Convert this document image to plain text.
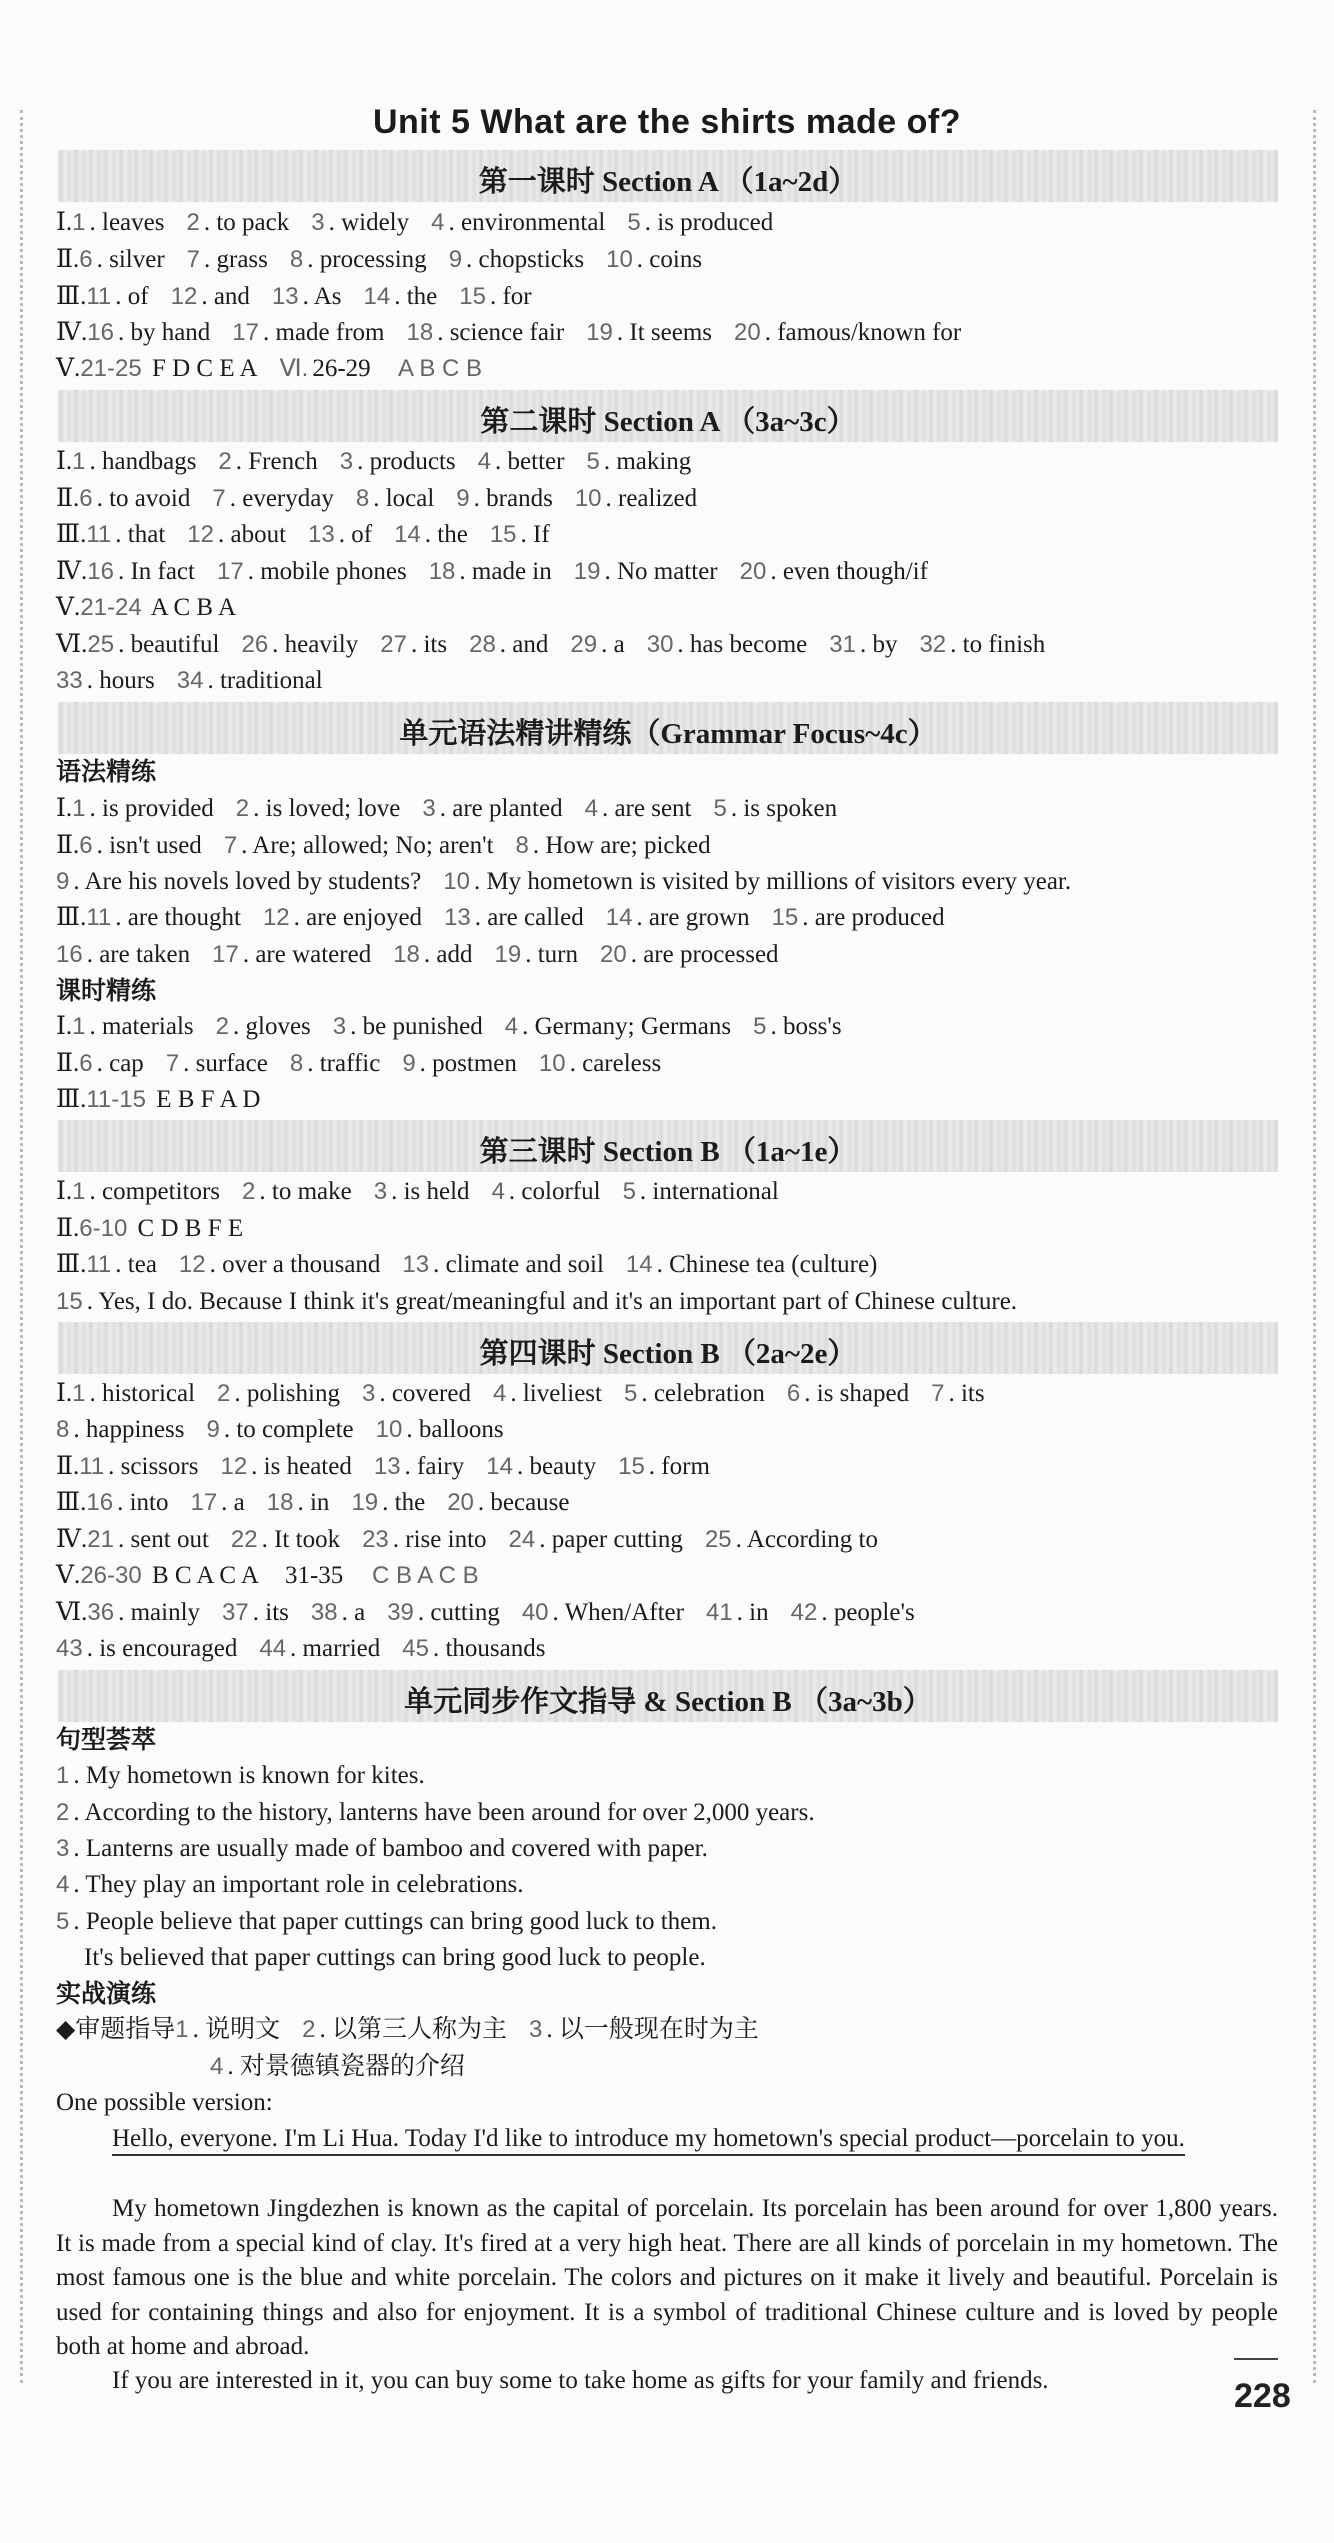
Unit 5 What are the shirts made of?
第一课时 Section A （1a~2d）
Ⅰ.1 . leaves 2 . to pack 3 . widely 4 . environmental 5 . is produced
Ⅱ.6 . silver 7 . grass 8 . processing 9 . chopsticks 10 . coins
Ⅲ.11 . of 12 . and 13 . As 14 . the 15 . for
Ⅳ.16 . by hand 17 . made from 18 . science fair 19 . It seems 20 . famous/known for
Ⅴ.21-25 F D C E A Ⅵ. 26-29 A B C B
第二课时 Section A （3a~3c）
Ⅰ.1 . handbags 2 . French 3 . products 4 . better 5 . making
Ⅱ.6 . to avoid 7 . everyday 8 . local 9 . brands 10 . realized
Ⅲ.11 . that 12 . about 13 . of 14 . the 15 . If
Ⅳ.16 . In fact 17 . mobile phones 18 . made in 19 . No matter 20 . even though/if
Ⅴ.21-24 A C B A
Ⅵ.25 . beautiful 26 . heavily 27 . its 28 . and 29 . a 30 . has become 31 . by 32 . to finish
33 . hours 34 . traditional
单元语法精讲精练（Grammar Focus~4c）
语法精练
Ⅰ.1 . is provided 2 . is loved; love 3 . are planted 4 . are sent 5 . is spoken
Ⅱ.6 . isn't used 7 . Are; allowed; No; aren't 8 . How are; picked
9 . Are his novels loved by students? 10 . My hometown is visited by millions of visitors every year.
Ⅲ.11 . are thought 12 . are enjoyed 13 . are called 14 . are grown 15 . are produced
16 . are taken 17 . are watered 18 . add 19 . turn 20 . are processed
课时精练
Ⅰ.1 . materials 2 . gloves 3 . be punished 4 . Germany; Germans 5 . boss's
Ⅱ.6 . cap 7 . surface 8 . traffic 9 . postmen 10 . careless
Ⅲ.11-15 E B F A D
第三课时 Section B （1a~1e）
Ⅰ.1 . competitors 2 . to make 3 . is held 4 . colorful 5 . international
Ⅱ.6-10 C D B F E
Ⅲ.11 . tea 12 . over a thousand 13 . climate and soil 14 . Chinese tea (culture)
15 . Yes, I do. Because I think it's great/meaningful and it's an important part of Chinese culture.
第四课时 Section B （2a~2e）
Ⅰ.1 . historical 2 . polishing 3 . covered 4 . liveliest 5 . celebration 6 . is shaped 7 . its
8 . happiness 9 . to complete 10 . balloons
Ⅱ.11 . scissors 12 . is heated 13 . fairy 14 . beauty 15 . form
Ⅲ.16 . into 17 . a 18 . in 19 . the 20 . because
Ⅳ.21 . sent out 22 . It took 23 . rise into 24 . paper cutting 25 . According to
Ⅴ.26-30 B C A C A 31-35 C B A C B
Ⅵ.36 . mainly 37 . its 38 . a 39 . cutting 40 . When/After 41 . in 42 . people's
43 . is encouraged 44 . married 45 . thousands
单元同步作文指导 & Section B （3a~3b）
句型荟萃
1 . My hometown is known for kites.
2 . According to the history, lanterns have been around for over 2,000 years.
3 . Lanterns are usually made of bamboo and covered with paper.
4 . They play an important role in celebrations.
5 . People believe that paper cuttings can bring good luck to them.
It's believed that paper cuttings can bring good luck to people.
实战演练
◆审题指导1 . 说明文 2 . 以第三人称为主 3 . 以一般现在时为主
4 . 对景德镇瓷器的介绍
One possible version:
Hello, everyone. I'm Li Hua. Today I'd like to introduce my hometown's special product—porcelain to you.
My hometown Jingdezhen is known as the capital of porcelain. Its porcelain has been around for over 1,800 years. It is made from a special kind of clay. It's fired at a very high heat. There are all kinds of porcelain in my hometown. The most famous one is the blue and white porcelain. The colors and pictures on it make it lively and beautiful. Porcelain is used for containing things and also for enjoyment. It is a symbol of traditional Chinese culture and is loved by people both at home and abroad.
If you are interested in it, you can buy some to take home as gifts for your family and friends.	228
